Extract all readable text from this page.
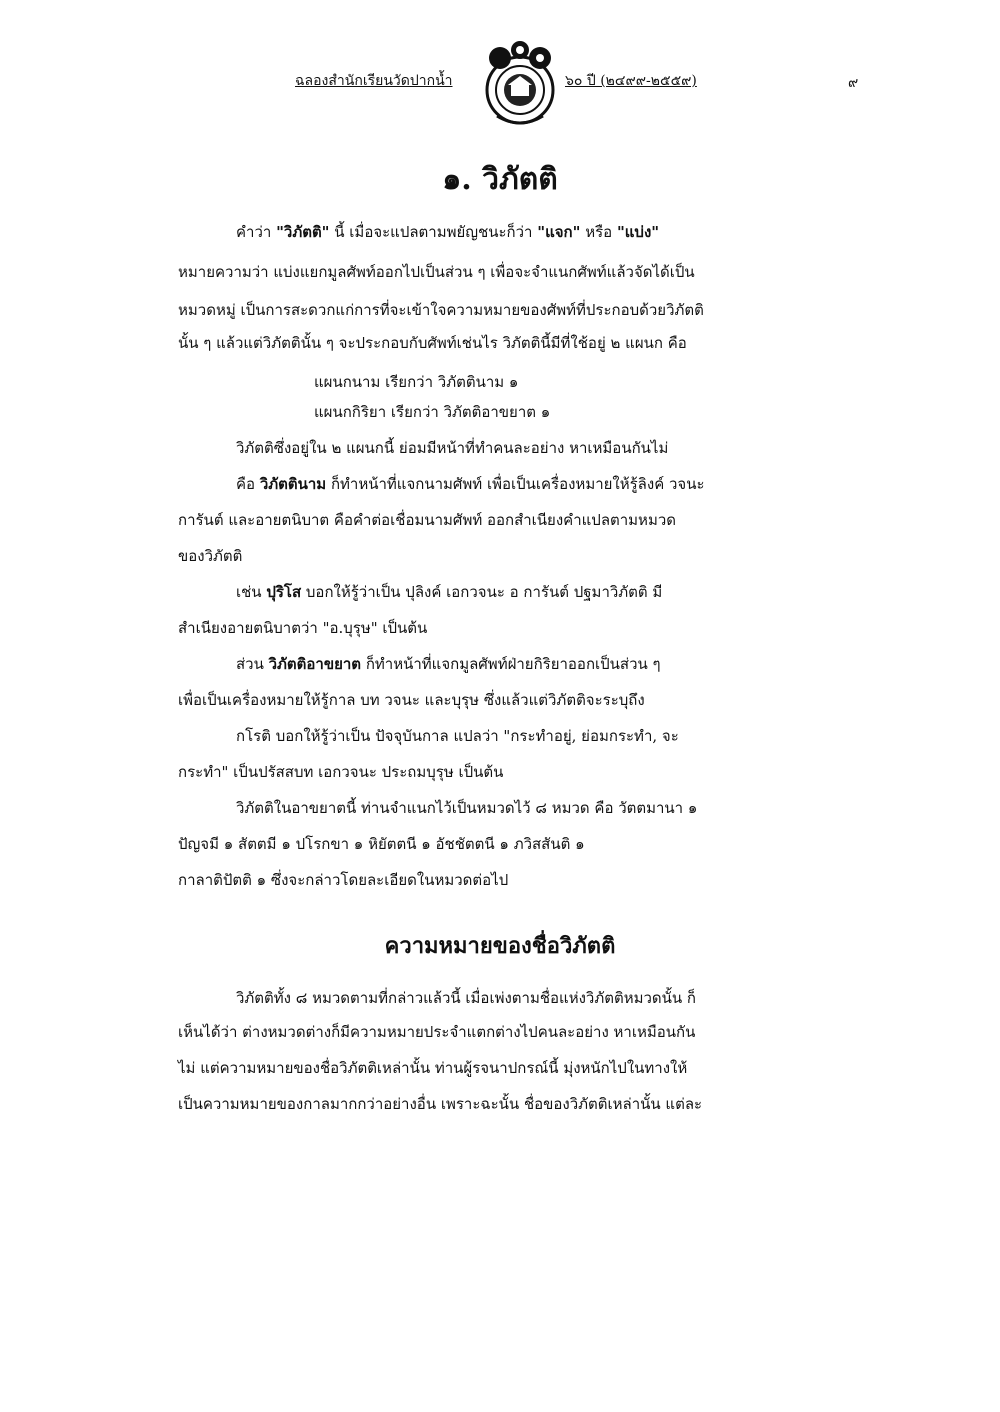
ฉลองสำนักเรียนวัดปากน้ำ	๖๐ ปี (๒๔๙๙-๒๕๕๙)	๙
๑. วิภัตติ
คำว่า "วิภัตติ" นี้ เมื่อจะแปลตามพยัญชนะก็ว่า "แจก" หรือ "แบ่ง"
หมายความว่า แบ่งแยกมูลศัพท์ออกไปเป็นส่วน ๆ เพื่อจะจำแนกศัพท์แล้วจัดได้เป็น
หมวดหมู่ เป็นการสะดวกแก่การที่จะเข้าใจความหมายของศัพท์ที่ประกอบด้วยวิภัตติ
นั้น ๆ แล้วแต่วิภัตตินั้น ๆ จะประกอบกับศัพท์เช่นไร วิภัตตินี้มีที่ใช้อยู่ ๒ แผนก คือ
แผนกนาม เรียกว่า วิภัตตินาม ๑
แผนกกิริยา เรียกว่า วิภัตติอาขยาต ๑
วิภัตติซึ่งอยู่ใน ๒ แผนกนี้ ย่อมมีหน้าที่ทำคนละอย่าง หาเหมือนกันไม่
คือ วิภัตตินาม ก็ทำหน้าที่แจกนามศัพท์ เพื่อเป็นเครื่องหมายให้รู้ลิงค์ วจนะ
การันต์ และอายตนิบาต คือคำต่อเชื่อมนามศัพท์ ออกสำเนียงคำแปลตามหมวด
ของวิภัตติ
เช่น ปุริโส บอกให้รู้ว่าเป็น ปุลิงค์ เอกวจนะ อ การันต์ ปฐมาวิภัตติ มี
สำเนียงอายตนิบาตว่า "อ.บุรุษ" เป็นต้น
ส่วน วิภัตติอาขยาต ก็ทำหน้าที่แจกมูลศัพท์ฝ่ายกิริยาออกเป็นส่วน ๆ
เพื่อเป็นเครื่องหมายให้รู้กาล บท วจนะ และบุรุษ ซึ่งแล้วแต่วิภัตติจะระบุถึง
กโรติ บอกให้รู้ว่าเป็น ปัจจุบันกาล แปลว่า "กระทำอยู่, ย่อมกระทำ, จะ
กระทำ" เป็นปรัสสบท เอกวจนะ ประถมบุรุษ เป็นต้น
วิภัตติในอาขยาตนี้ ท่านจำแนกไว้เป็นหมวดไว้ ๘ หมวด คือ วัตตมานา ๑
ปัญจมี ๑ สัตตมี ๑ ปโรกขา ๑ หิยัตตนี ๑ อัชชัตตนี ๑ ภวิสสันติ ๑
กาลาติปัตติ ๑ ซึ่งจะกล่าวโดยละเอียดในหมวดต่อไป
ความหมายของชื่อวิภัตติ
วิภัตติทั้ง ๘ หมวดตามที่กล่าวแล้วนี้ เมื่อเพ่งตามชื่อแห่งวิภัตติหมวดนั้น ก็
เห็นได้ว่า ต่างหมวดต่างก็มีความหมายประจำแตกต่างไปคนละอย่าง หาเหมือนกัน
ไม่ แต่ความหมายของชื่อวิภัตติเหล่านั้น ท่านผู้รจนาปกรณ์นี้ มุ่งหนักไปในทางให้
เป็นความหมายของกาลมากกว่าอย่างอื่น เพราะฉะนั้น ชื่อของวิภัตติเหล่านั้น แต่ละ
